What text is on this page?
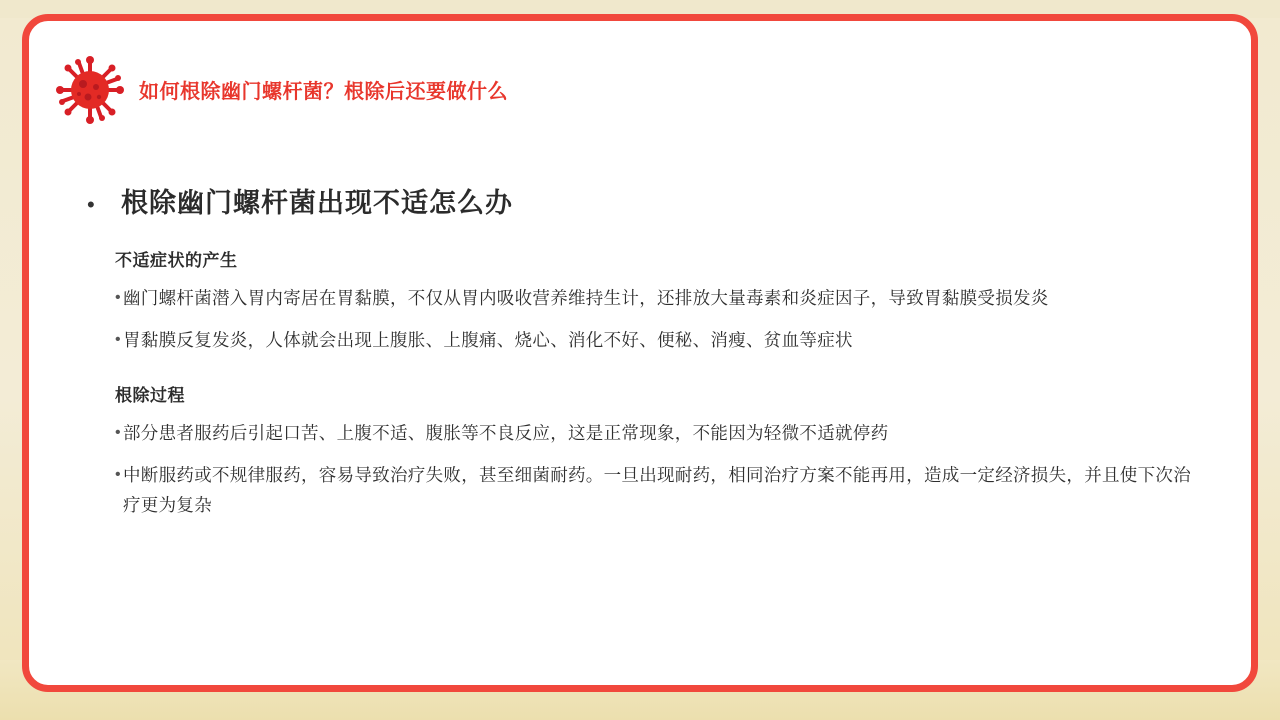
如何根除幽门螺杆菌？根除后还要做什么
• 根除幽门螺杆菌出现不适怎么办
不适症状的产生
• 幽门螺杆菌潜入胃内寄居在胃黏膜，不仅从胃内吸收营养维持生计，还排放大量毒素和炎症因子，导致胃黏膜受损发炎
• 胃黏膜反复发炎，人体就会出现上腹胀、上腹痛、烧心、消化不好、便秘、消瘦、贫血等症状
根除过程
• 部分患者服药后引起口苦、上腹不适、腹胀等不良反应，这是正常现象，不能因为轻微不适就停药
• 中断服药或不规律服药，容易导致治疗失败，甚至细菌耐药。一旦出现耐药，相同治疗方案不能再用，造成一定经济损失，并且使下次治疗更为复杂
